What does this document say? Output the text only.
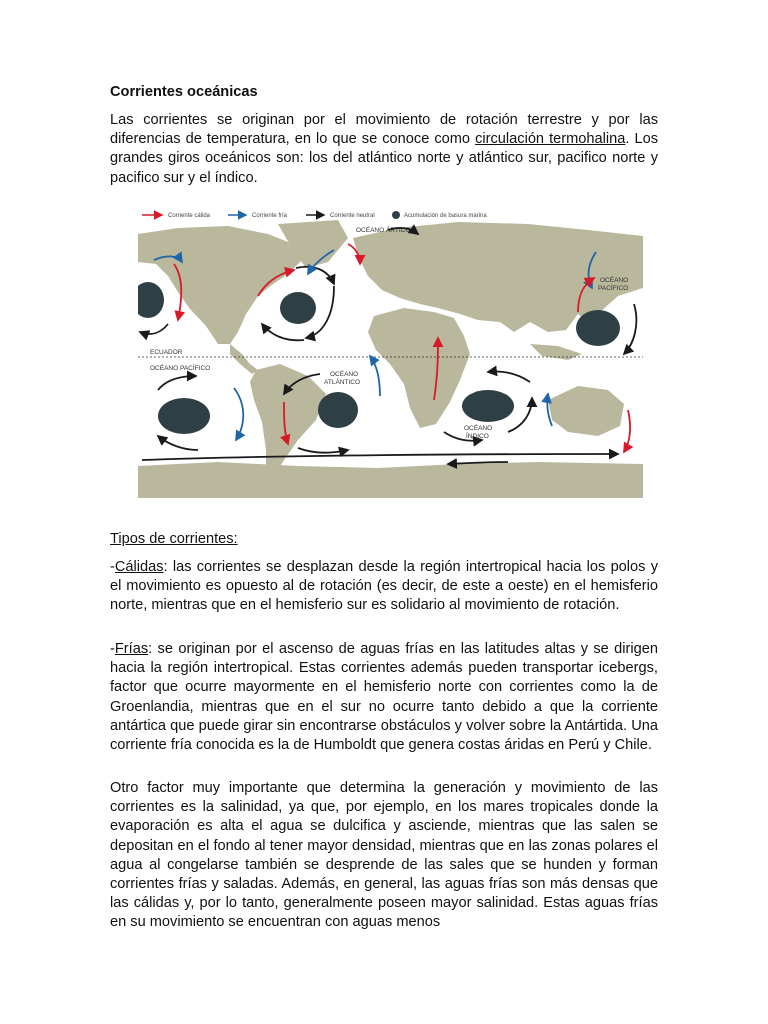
Corrientes oceánicas

Las corrientes se originan por el movimiento de rotación terrestre y por las diferencias de temperatura, en lo que se conoce como circulación termohalina. Los grandes giros oceánicos son: los del atlántico norte y atlántico sur, pacifico norte y pacifico sur y el índico.

Corriente cálida	Corriente fría	Corriente neutral	Acumulación de basura marina
ECUADOR
OCÉANO ÁRTICO
OCÉANO
PACÍFICO
OCÉANO PACÍFICO
OCÉANO
ATLÁNTICO
OCÉANO
ÍNDICO

Tipos de corrientes:

-Cálidas: las corrientes se desplazan desde la región intertropical hacia los polos y el movimiento es opuesto al de rotación (es decir, de este a oeste) en el hemisferio norte, mientras que en el hemisferio sur es solidario al movimiento de rotación.

-Frías: se originan por el ascenso de aguas frías en las latitudes altas y se dirigen hacia la región intertropical. Estas corrientes además pueden transportar icebergs, factor que ocurre mayormente en el hemisferio norte con corrientes como la de Groenlandia, mientras que en el sur no ocurre tanto debido a que la corriente antártica que puede girar sin encontrarse obstáculos y volver sobre la Antártida. Una corriente fría conocida es la de Humboldt que genera costas áridas en Perú y Chile.

Otro factor muy importante que determina la generación y movimiento de las corrientes es la salinidad, ya que, por ejemplo, en los mares tropicales donde la evaporación es alta el agua se dulcifica y asciende, mientras que las salen se depositan en el fondo al tener mayor densidad, mientras que en las zonas polares el agua al congelarse también se desprende de las sales que se hunden y forman corrientes frías y saladas. Además, en general, las aguas frías son más densas que las cálidas y, por lo tanto, generalmente poseen mayor salinidad. Estas aguas frías en su movimiento se encuentran con aguas menos
